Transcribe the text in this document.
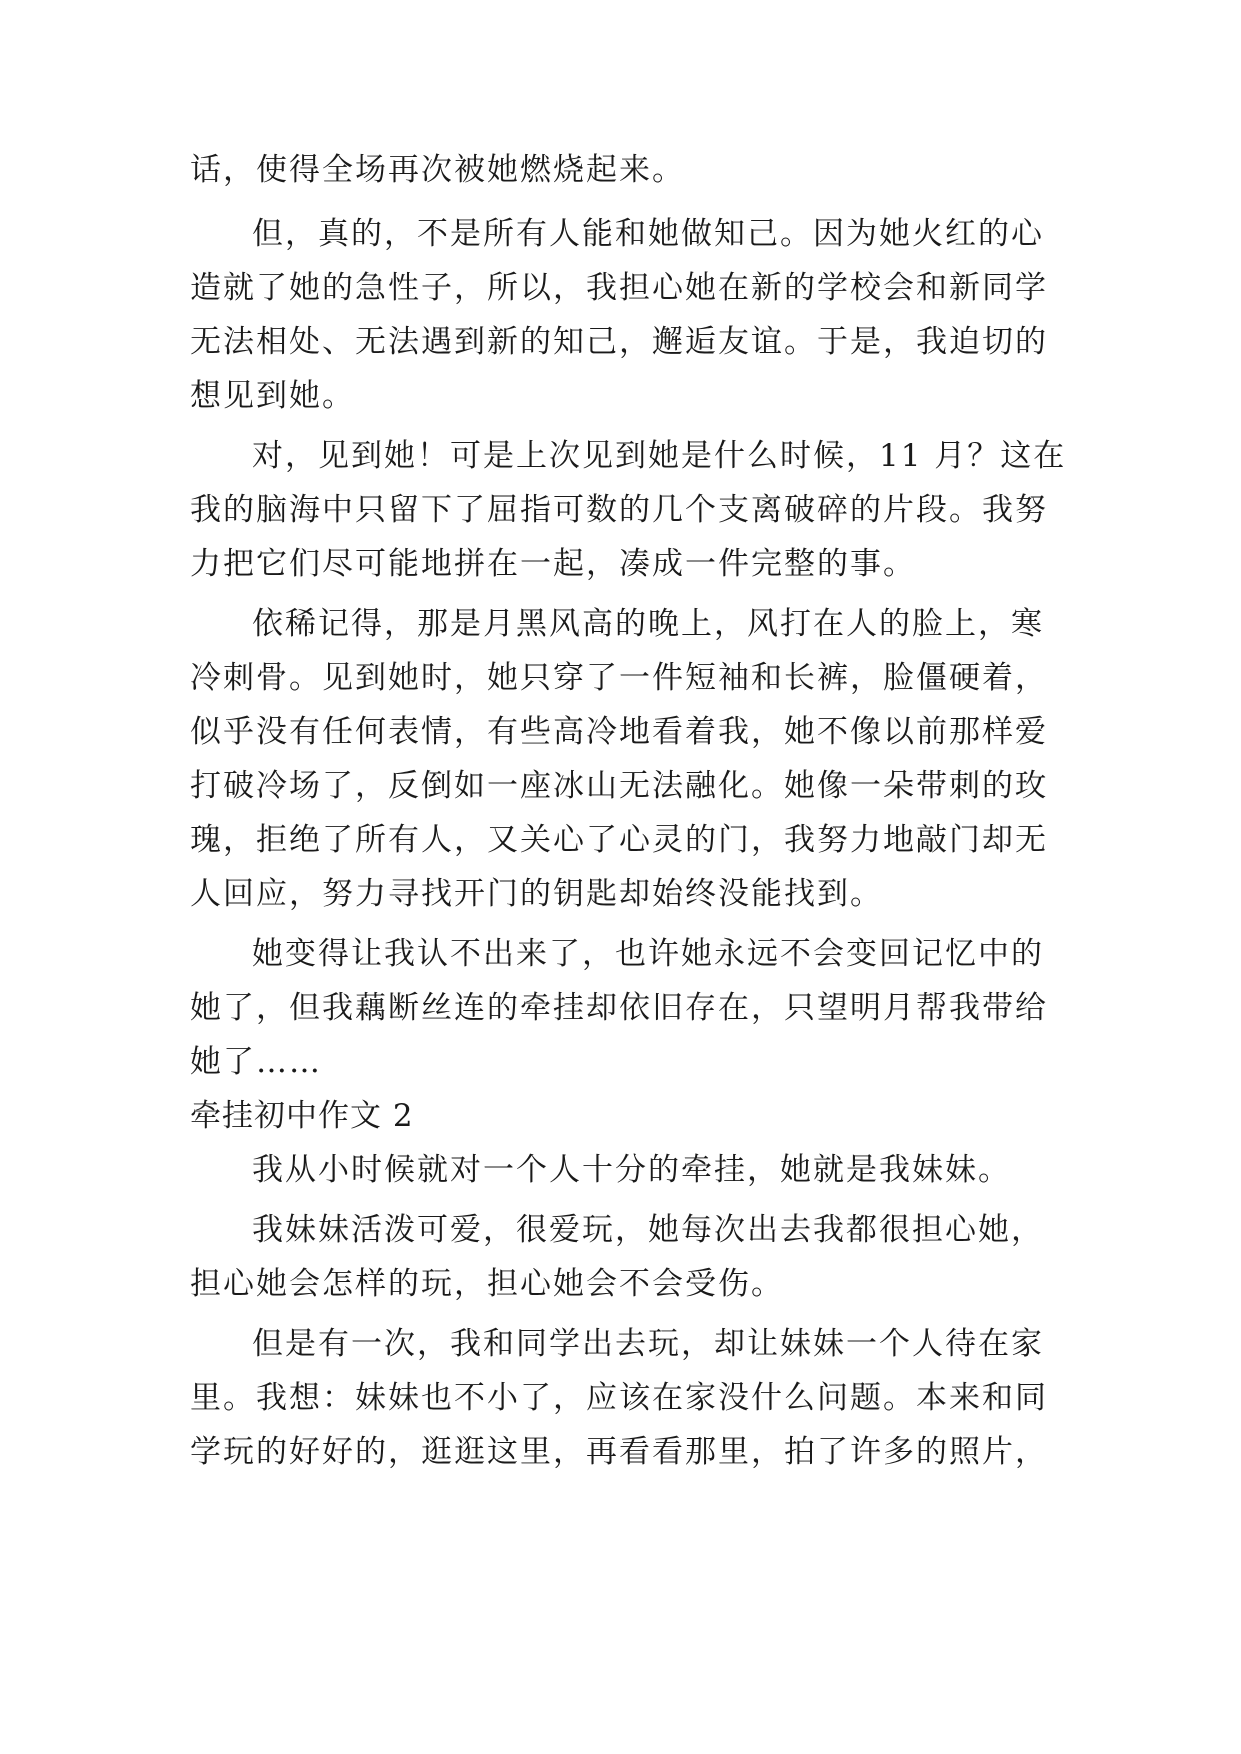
话，使得全场再次被她燃烧起来。
但，真的，不是所有人能和她做知己。因为她火红的心
造就了她的急性子，所以，我担心她在新的学校会和新同学
无法相处、无法遇到新的知己，邂逅友谊。于是，我迫切的
想见到她。
对，见到她！可是上次见到她是什么时候，11 月？这在
我的脑海中只留下了屈指可数的几个支离破碎的片段。我努
力把它们尽可能地拼在一起，凑成一件完整的事。
依稀记得，那是月黑风高的晚上，风打在人的脸上，寒
冷刺骨。见到她时，她只穿了一件短袖和长裤，脸僵硬着，
似乎没有任何表情，有些高冷地看着我，她不像以前那样爱
打破冷场了，反倒如一座冰山无法融化。她像一朵带刺的玫
瑰，拒绝了所有人，又关心了心灵的门，我努力地敲门却无
人回应，努力寻找开门的钥匙却始终没能找到。
她变得让我认不出来了，也许她永远不会变回记忆中的
她了，但我藕断丝连的牵挂却依旧存在，只望明月帮我带给
她了……
牵挂初中作文 2
我从小时候就对一个人十分的牵挂，她就是我妹妹。
我妹妹活泼可爱，很爱玩，她每次出去我都很担心她，
担心她会怎样的玩，担心她会不会受伤。
但是有一次，我和同学出去玩，却让妹妹一个人待在家
里。我想：妹妹也不小了，应该在家没什么问题。本来和同
学玩的好好的，逛逛这里，再看看那里，拍了许多的照片，
